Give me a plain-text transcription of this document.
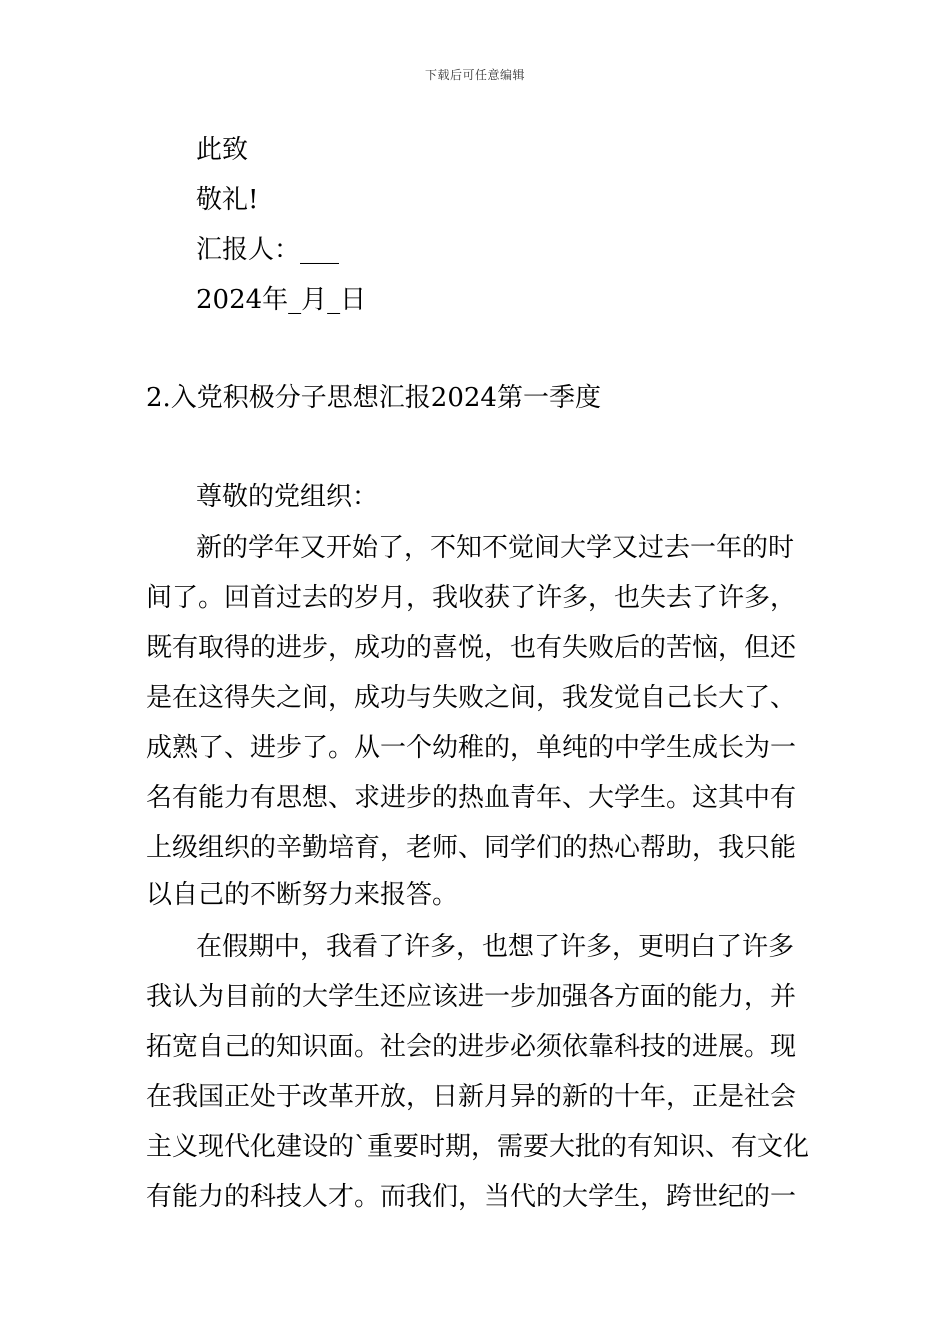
下载后可任意编辑
此致
敬礼!
汇报人：___
2024年_月_日
2.入党积极分子思想汇报2024第一季度
尊敬的党组织：
新的学年又开始了，不知不觉间大学又过去一年的时
间了。回首过去的岁月，我收获了许多，也失去了许多，
既有取得的进步，成功的喜悦，也有失败后的苦恼，但还
是在这得失之间，成功与失败之间，我发觉自己长大了、
成熟了、进步了。从一个幼稚的，单纯的中学生成长为一
名有能力有思想、求进步的热血青年、大学生。这其中有
上级组织的辛勤培育，老师、同学们的热心帮助，我只能
以自己的不断努力来报答。
在假期中，我看了许多，也想了许多，更明白了许多
我认为目前的大学生还应该进一步加强各方面的能力，并
拓宽自己的知识面。社会的进步必须依靠科技的进展。现
在我国正处于改革开放，日新月异的新的十年，正是社会
主义现代化建设的`重要时期，需要大批的有知识、有文化
有能力的科技人才。而我们，当代的大学生，跨世纪的一
